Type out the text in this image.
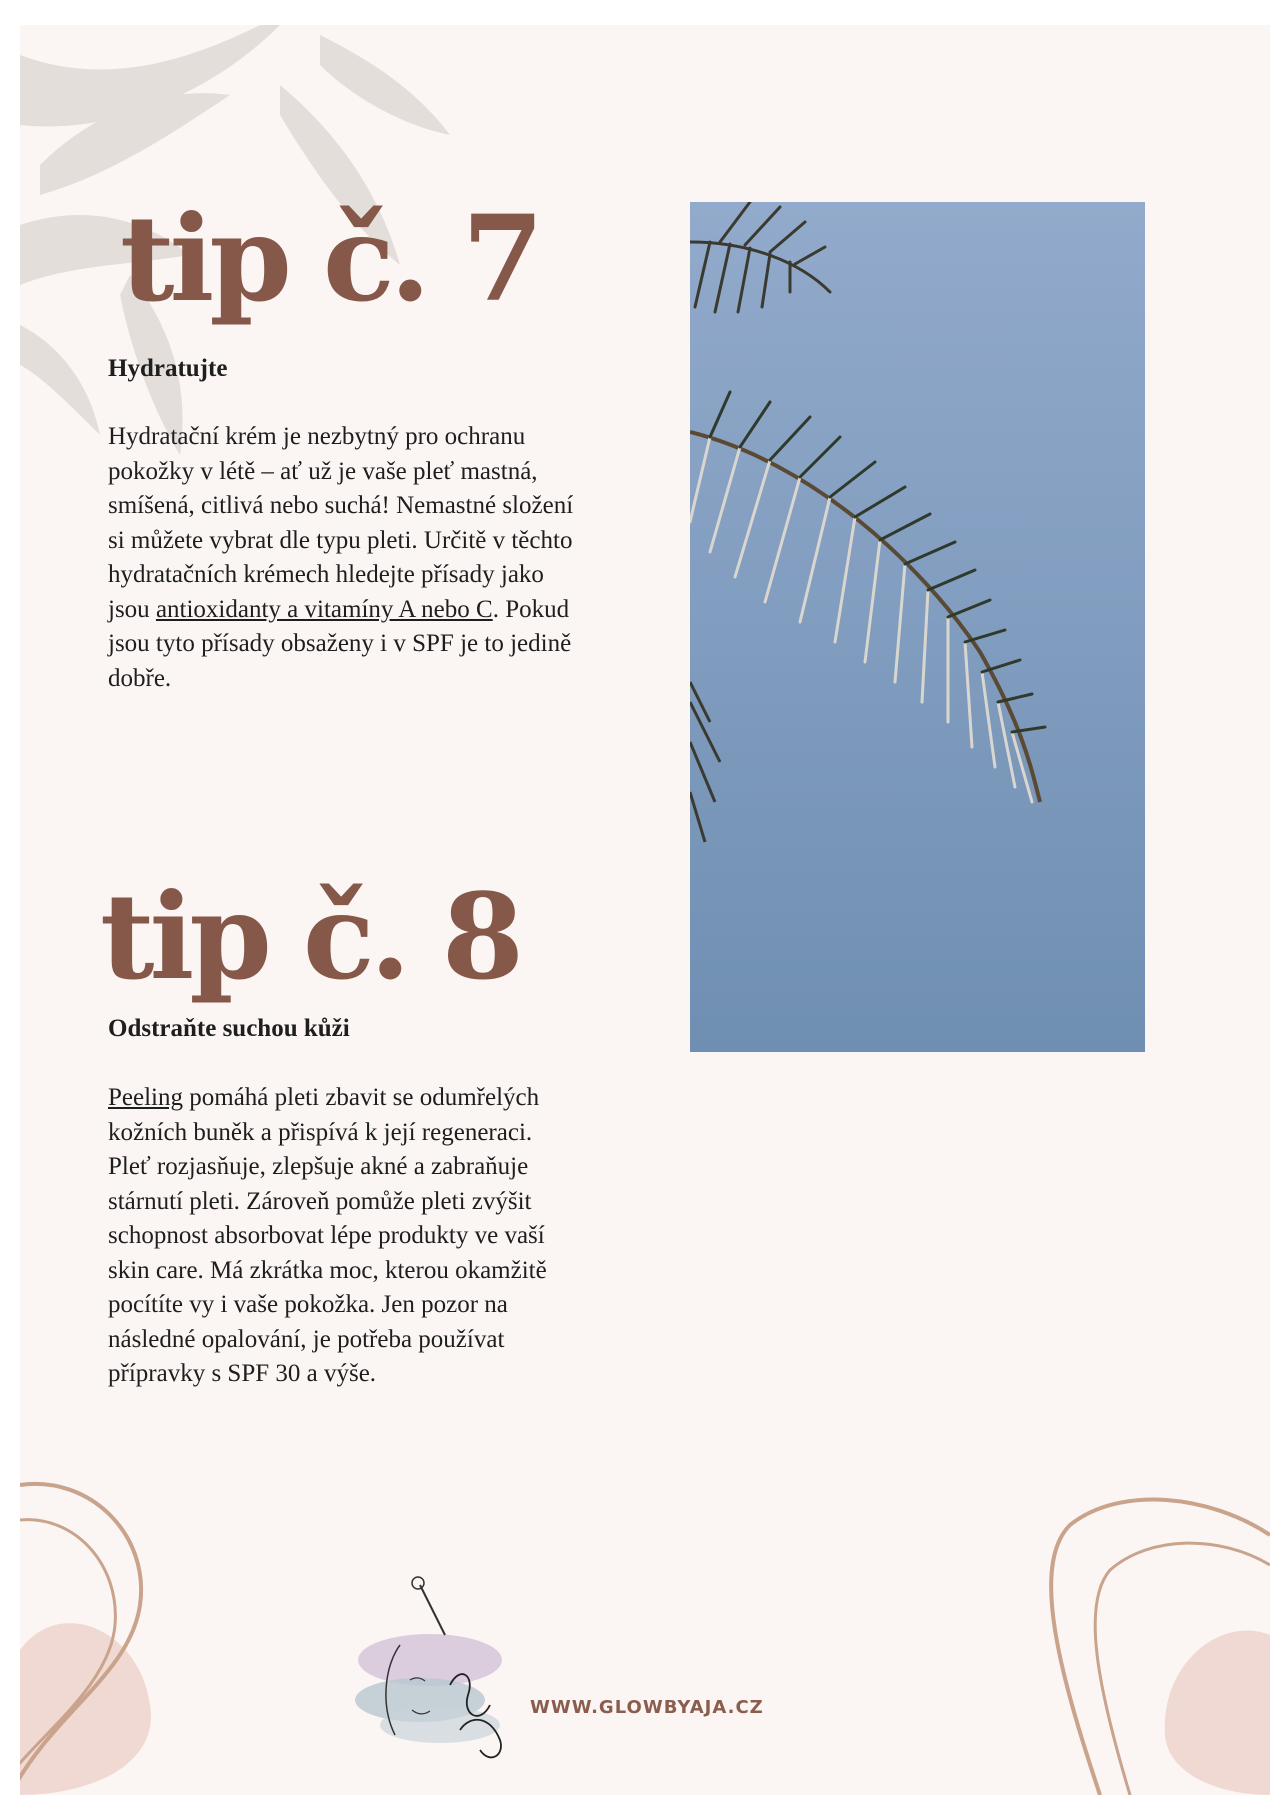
tip č. 7
Hydratujte

Hydratační krém je nezbytný pro ochranu pokožky v létě – ať už je vaše pleť mastná, smíšená, citlivá nebo suchá! Nemastné složení si můžete vybrat dle typu pleti. Určitě v těchto hydratačních krémech hledejte přísady jako jsou antioxidanty a vitamíny A nebo C. Pokud jsou tyto přísady obsaženy i v SPF je to jedině dobře.

tip č. 8
Odstraňte suchou kůži

Peeling pomáhá pleti zbavit se odumřelých kožních buněk a přispívá k její regeneraci. Pleť rozjasňuje, zlepšuje akné a zabraňuje stárnutí pleti. Zároveň pomůže pleti zvýšit schopnost absorbovat lépe produkty ve vaší skin care. Má zkrátka moc, kterou okamžitě pocítíte vy i vaše pokožka. Jen pozor na následné opalování, je potřeba používat přípravky s SPF 30 a výše.

WWW.GLOWBYAJA.CZ
